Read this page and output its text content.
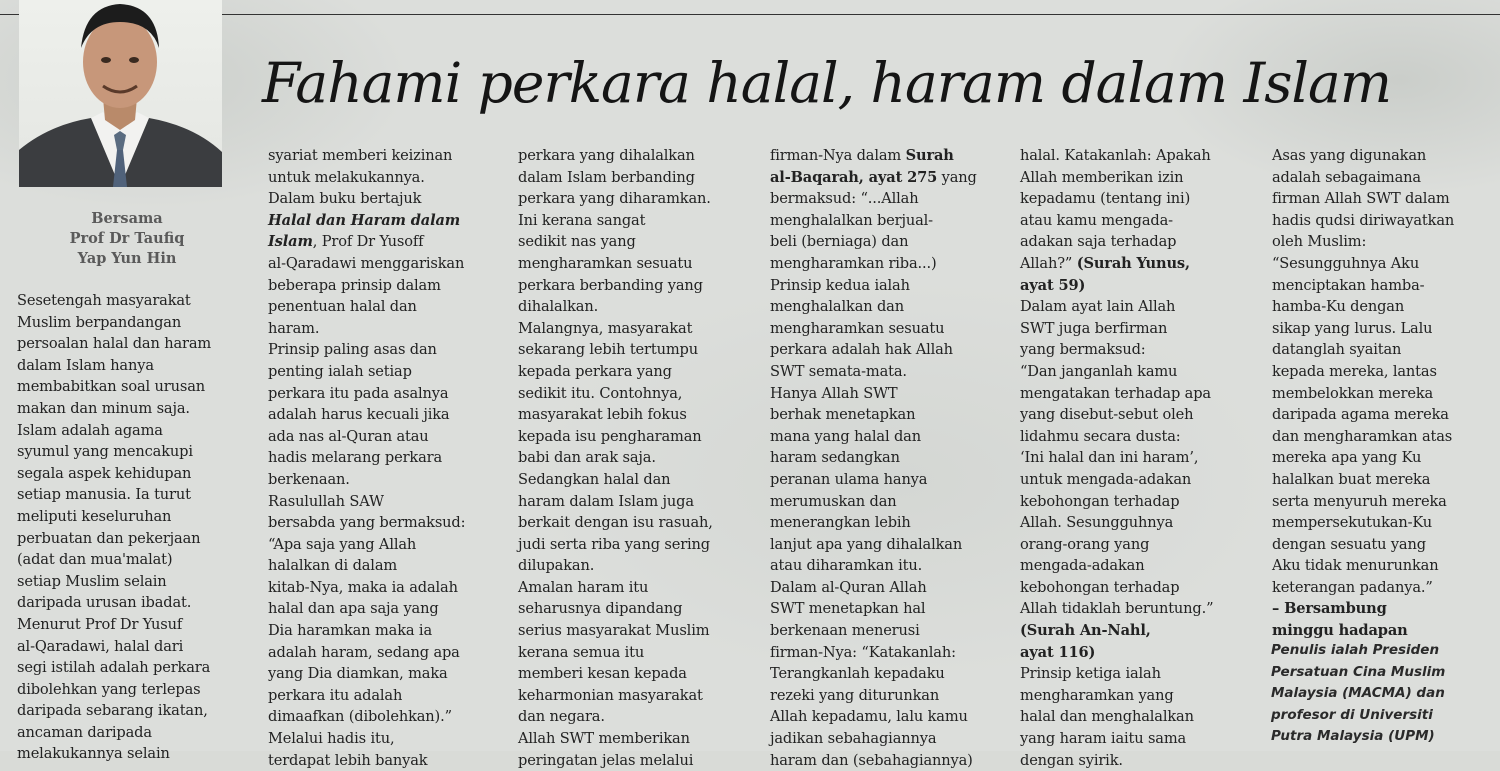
Bersama
Prof Dr Taufiq
Yap Yun Hin
Fahami perkara halal, haram dalam Islam
Sesetengah masyarakat
Muslim berpandangan
persoalan halal dan haram
dalam Islam hanya
membabitkan soal urusan
makan dan minum saja.
Islam adalah agama
syumul yang mencakupi
segala aspek kehidupan
setiap manusia. Ia turut
meliputi keseluruhan
perbuatan dan pekerjaan
(adat dan mua'malat)
setiap Muslim selain
daripada urusan ibadat.
Menurut Prof Dr Yusuf
al-Qaradawi, halal dari
segi istilah adalah perkara
dibolehkan yang terlepas
daripada sebarang ikatan,
ancaman daripada
melakukannya selain
syariat memberi keizinan
untuk melakukannya.
Dalam buku bertajuk
Halal dan Haram dalam
Islam, Prof Dr Yusoff
al-Qaradawi menggariskan
beberapa prinsip dalam
penentuan halal dan
haram.
Prinsip paling asas dan
penting ialah setiap
perkara itu pada asalnya
adalah harus kecuali jika
ada nas al-Quran atau
hadis melarang perkara
berkenaan.
Rasulullah SAW
bersabda yang bermaksud:
“Apa saja yang Allah
halalkan di dalam
kitab-Nya, maka ia adalah
halal dan apa saja yang
Dia haramkan maka ia
adalah haram, sedang apa
yang Dia diamkan, maka
perkara itu adalah
dimaafkan (dibolehkan).”
Melalui hadis itu,
terdapat lebih banyak
perkara yang dihalalkan
dalam Islam berbanding
perkara yang diharamkan.
Ini kerana sangat
sedikit nas yang
mengharamkan sesuatu
perkara berbanding yang
dihalalkan.
Malangnya, masyarakat
sekarang lebih tertumpu
kepada perkara yang
sedikit itu. Contohnya,
masyarakat lebih fokus
kepada isu pengharaman
babi dan arak saja.
Sedangkan halal dan
haram dalam Islam juga
berkait dengan isu rasuah,
judi serta riba yang sering
dilupakan.
Amalan haram itu
seharusnya dipandang
serius masyarakat Muslim
kerana semua itu
memberi kesan kepada
keharmonian masyarakat
dan negara.
Allah SWT memberikan
peringatan jelas melalui
firman-Nya dalam Surah
al-Baqarah, ayat 275 yang
bermaksud: “...Allah
menghalalkan berjual-
beli (berniaga) dan
mengharamkan riba...)
Prinsip kedua ialah
menghalalkan dan
mengharamkan sesuatu
perkara adalah hak Allah
SWT semata-mata.
Hanya Allah SWT
berhak menetapkan
mana yang halal dan
haram sedangkan
peranan ulama hanya
merumuskan dan
menerangkan lebih
lanjut apa yang dihalalkan
atau diharamkan itu.
Dalam al-Quran Allah
SWT menetapkan hal
berkenaan menerusi
firman-Nya: “Katakanlah:
Terangkanlah kepadaku
rezeki yang diturunkan
Allah kepadamu, lalu kamu
jadikan sebahagiannya
haram dan (sebahagiannya)
halal. Katakanlah: Apakah
Allah memberikan izin
kepadamu (tentang ini)
atau kamu mengada-
adakan saja terhadap
Allah?” (Surah Yunus,
ayat 59)
Dalam ayat lain Allah
SWT juga berfirman
yang bermaksud:
“Dan janganlah kamu
mengatakan terhadap apa
yang disebut-sebut oleh
lidahmu secara dusta:
‘Ini halal dan ini haram’,
untuk mengada-adakan
kebohongan terhadap
Allah. Sesungguhnya
orang-orang yang
mengada-adakan
kebohongan terhadap
Allah tidaklah beruntung.”
(Surah An-Nahl,
ayat 116)
Prinsip ketiga ialah
mengharamkan yang
halal dan menghalalkan
yang haram iaitu sama
dengan syirik.
Asas yang digunakan
adalah sebagaimana
firman Allah SWT dalam
hadis qudsi diriwayatkan
oleh Muslim:
“Sesungguhnya Aku
menciptakan hamba-
hamba-Ku dengan
sikap yang lurus. Lalu
datanglah syaitan
kepada mereka, lantas
membelokkan mereka
daripada agama mereka
dan mengharamkan atas
mereka apa yang Ku
halalkan buat mereka
serta menyuruh mereka
mempersekutukan-Ku
dengan sesuatu yang
Aku tidak menurunkan
keterangan padanya.”
– Bersambung
minggu hadapan
Penulis ialah Presiden
Persatuan Cina Muslim
Malaysia (MACMA) dan
profesor di Universiti
Putra Malaysia (UPM)
